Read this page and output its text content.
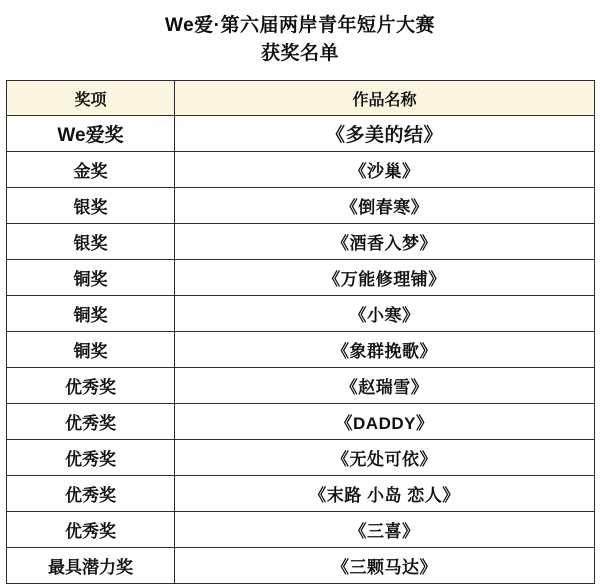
We爱·第六届两岸青年短片大赛
获奖名单
奖项	作品名称
We爱奖	《多美的结》
金奖	《沙巢》
银奖	《倒春寒》
银奖	《酒香入梦》
铜奖	《万能修理铺》
铜奖	《小寒》
铜奖	《象群挽歌》
优秀奖	《赵瑞雪》
优秀奖	《DADDY》
优秀奖	《无处可依》
优秀奖	《末路 小岛 恋人》
优秀奖	《三喜》
最具潜力奖	《三颗马达》
